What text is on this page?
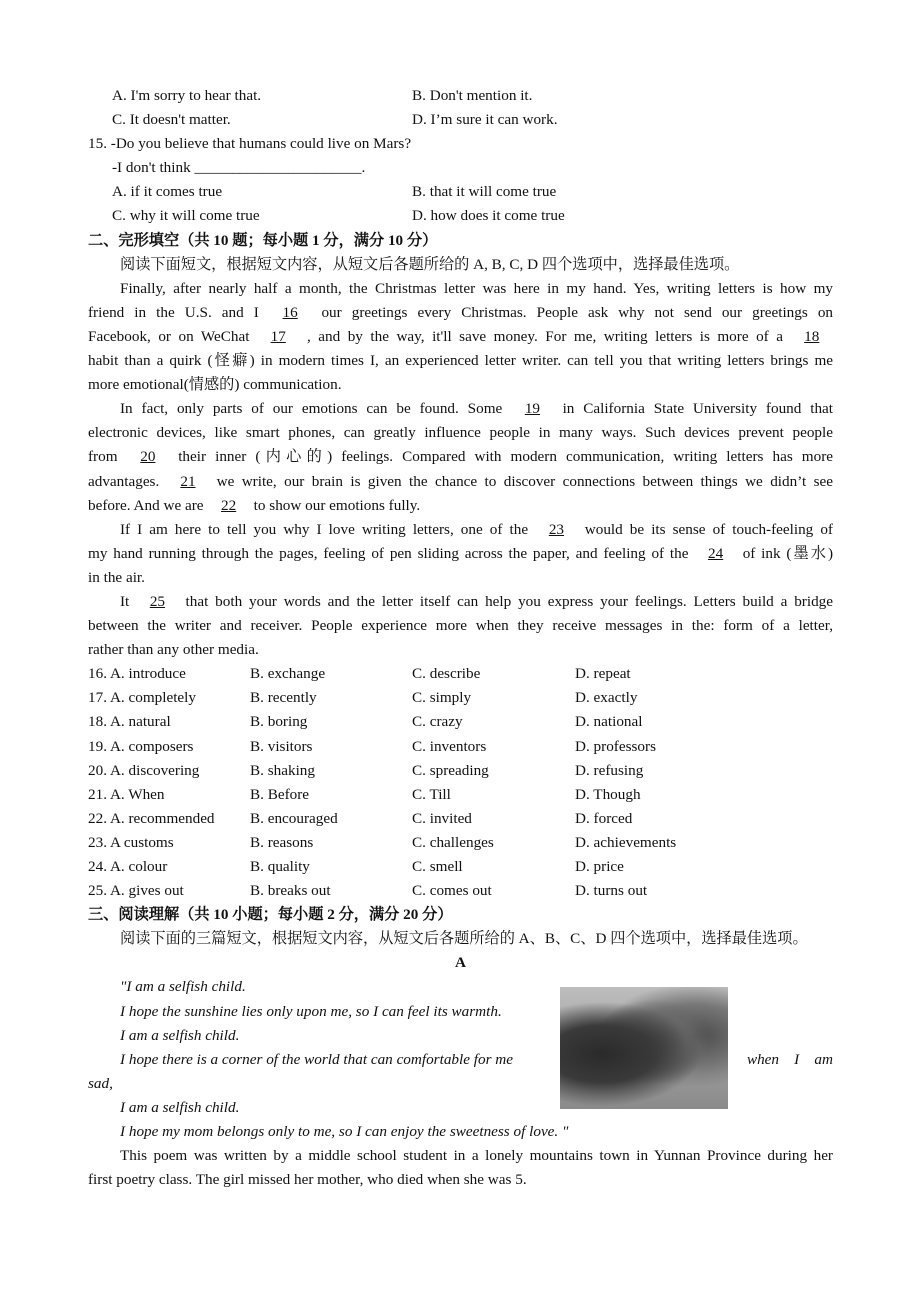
A. I'm sorry to hear that.	B. Don't mention it.
C. It doesn't matter.	D. I’m sure it can work.
15. -Do you believe that humans could live on Mars?
-I don't think ______________________.
A. if it comes true	B. that it will come true
C. why it will come true	D. how does it come true
二、完形填空（共 10 题；每小题 1 分，满分 10 分）
阅读下面短文，根据短文内容，从短文后各题所给的 A, B, C, D 四个选项中，选择最佳选项。
Finally, after nearly half a month, the Christmas letter was here in my hand. Yes, writing letters is how my
friend in the U.S. and I 16 our greetings every Christmas. People ask why not send our greetings on
Facebook, or on WeChat 17 , and by the way, it'll save money. For me, writing letters is more of a 18
habit than a quirk (怪癖) in modern times I, an experienced letter writer. can tell you that writing letters brings me
more emotional(情感的) communication.
In fact, only parts of our emotions can be found. Some 19 in California State University found that
electronic devices, like smart phones, can greatly influence people in many ways. Such devices prevent people
from 20 their inner (内心的) feelings. Compared with modern communication, writing letters has more
advantages. 21 we write, our brain is given the chance to discover connections between things we didn’t see
before. And we are 22 to show our emotions fully.
If I am here to tell you why I love writing letters, one of the 23 would be its sense of touch-feeling of
my hand running through the pages, feeling of pen sliding across the paper, and feeling of the 24 of ink (墨水)
in the air.
It 25 that both your words and the letter itself can help you express your feelings. Letters build a bridge
between the writer and receiver. People experience more when they receive messages in the: form of a letter,
rather than any other media.
16. A. introduce	B. exchange	C. describe	D. repeat
17. A. completely	B. recently	C. simply	D. exactly
18. A. natural	B. boring	C. crazy	D. national
19. A. composers	B. visitors	C. inventors	D. professors
20. A. discovering	B. shaking	C. spreading	D. refusing
21. A. When	B. Before	C. Till	D. Though
22. A. recommended B. encouraged	C. invited	D. forced
23. A customs	B. reasons	C. challenges	D. achievements
24. A. colour	B. quality	C. smell	D. price
25. A. gives out	B. breaks out	C. comes out	D. turns out
三、阅读理解（共 10 小题；每小题 2 分，满分 20 分）
阅读下面的三篇短文，根据短文内容，从短文后各题所给的 A、B、C、D 四个选项中，选择最佳选项。
A
"I am a selfish child.
I hope the sunshine lies only upon me, so I can feel its warmth.
I am a selfish child.
I hope there is a corner of the world that can comfortable for me	when    I    am
sad,
I am a selfish child.
I hope my mom belongs only to me, so I can enjoy the sweetness of love. "
This poem was written by a middle school student in a lonely mountains town in Yunnan Province during her
first poetry class. The girl missed her mother, who died when she was 5.
